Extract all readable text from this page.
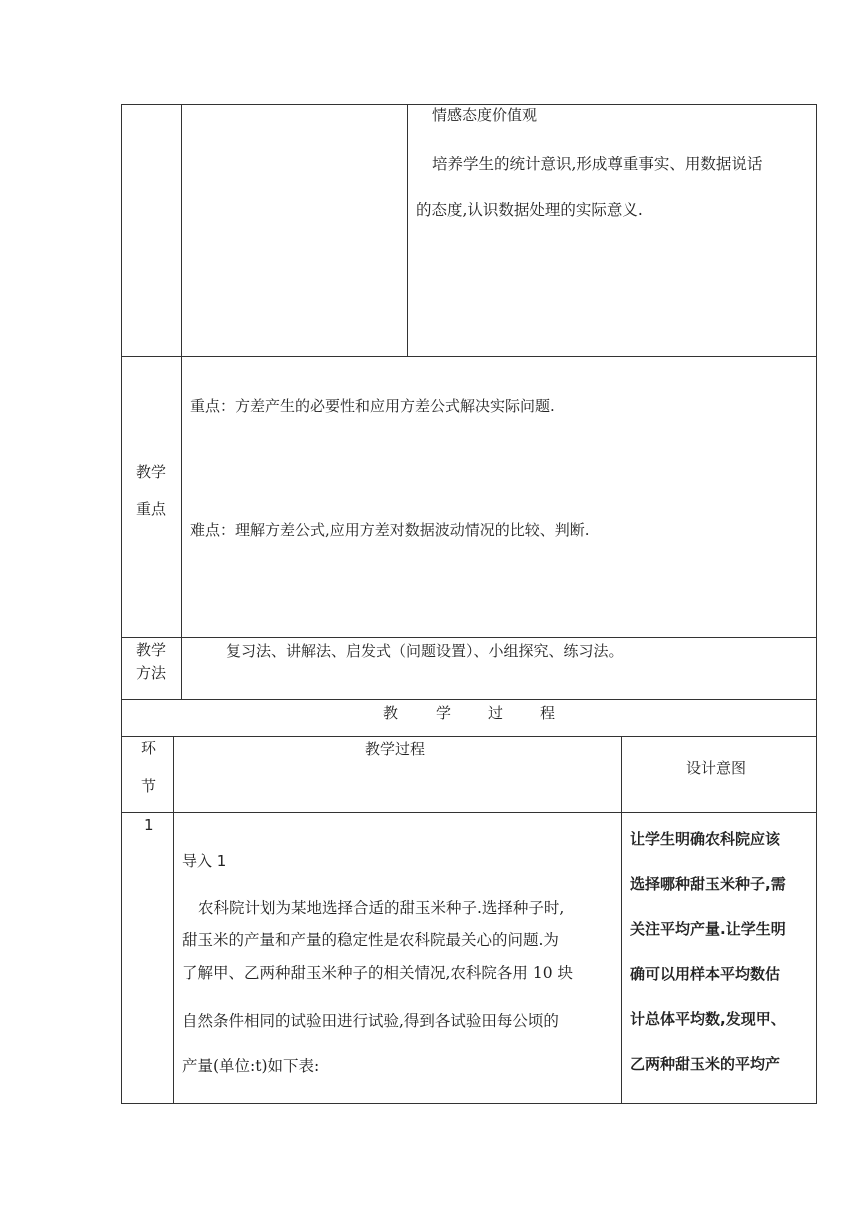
情感态度价值观
培养学生的统计意识,形成尊重事实、用数据说话
的态度,认识数据处理的实际意义.
教学
重点
重点：方差产生的必要性和应用方差公式解决实际问题.
难点：理解方差公式,应用方差对数据波动情况的比较、判断.
教学
方法
复习法、讲解法、启发式（问题设置）、小组探究、练习法。
教	学 过 程
环
节
教学过程
设计意图
1
导入 1
农科院计划为某地选择合适的甜玉米种子.选择种子时,
甜玉米的产量和产量的稳定性是农科院最关心的问题.为
了解甲、乙两种甜玉米种子的相关情况,农科院各用 10 块
自然条件相同的试验田进行试验,得到各试验田每公顷的
产量(单位:t)如下表:
让学生明确农科院应该
选择哪种甜玉米种子,需
关注平均产量.让学生明
确可以用样本平均数估
计总体平均数,发现甲、
乙两种甜玉米的平均产
